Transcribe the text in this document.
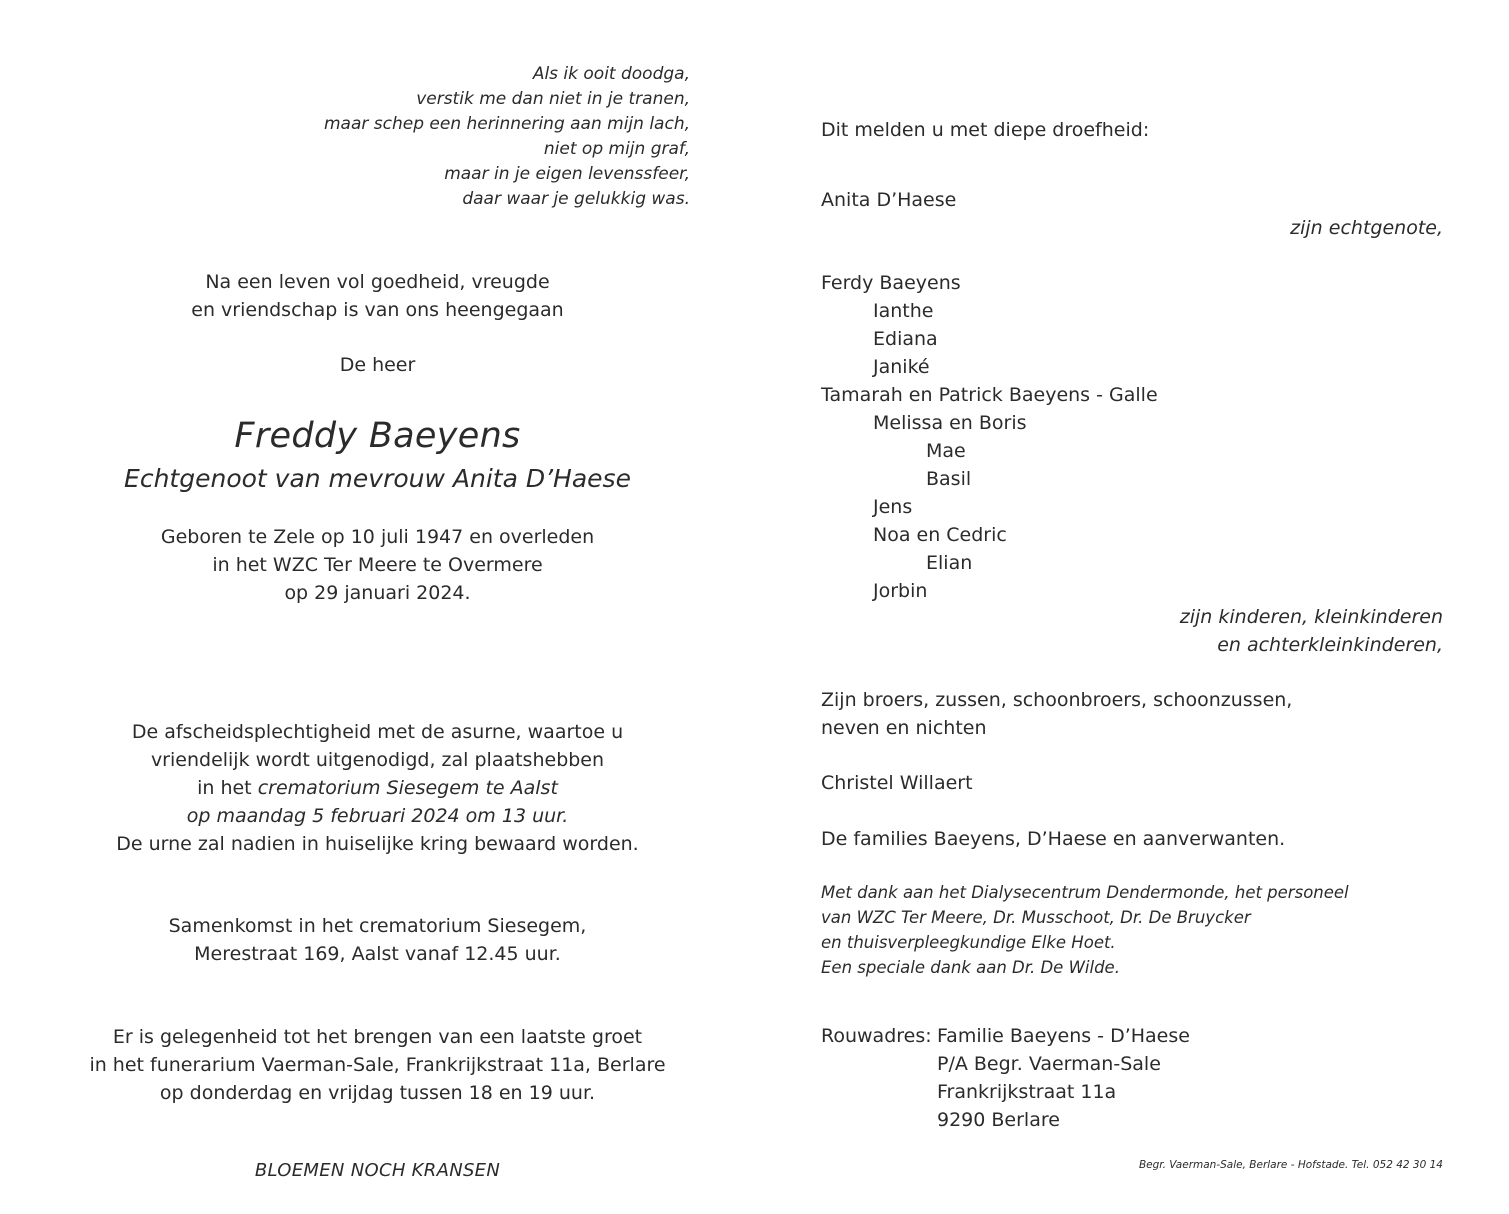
Als ik ooit doodga,
verstik me dan niet in je tranen,
maar schep een herinnering aan mijn lach,
niet op mijn graf,
maar in je eigen levenssfeer,
daar waar je gelukkig was.
Na een leven vol goedheid, vreugde
en vriendschap is van ons heengegaan
De heer
Freddy Baeyens
Echtgenoot van mevrouw Anita D’Haese
Geboren te Zele op 10 juli 1947 en overleden
in het WZC Ter Meere te Overmere
op 29 januari 2024.
De afscheidsplechtigheid met de asurne, waartoe u
vriendelijk wordt uitgenodigd, zal plaatshebben
in het crematorium Siesegem te Aalst
op maandag 5 februari 2024 om 13 uur.
De urne zal nadien in huiselijke kring bewaard worden.
Samenkomst in het crematorium Siesegem,
Merestraat 169, Aalst vanaf 12.45 uur.
Er is gelegenheid tot het brengen van een laatste groet
in het funerarium Vaerman-Sale, Frankrijkstraat 11a, Berlare
op donderdag en vrijdag tussen 18 en 19 uur.
BLOEMEN NOCH KRANSEN
Dit melden u met diepe droefheid:
Anita D’Haese
zijn echtgenote,
Ferdy Baeyens
Ianthe
Ediana
Janiké
Tamarah en Patrick Baeyens - Galle
Melissa en Boris
Mae
Basil
Jens
Noa en Cedric
Elian
Jorbin
zijn kinderen, kleinkinderen
en achterkleinkinderen,
Zijn broers, zussen, schoonbroers, schoonzussen,
neven en nichten
Christel Willaert
De families Baeyens, D’Haese en aanverwanten.
Met dank aan het Dialysecentrum Dendermonde, het personeel
van WZC Ter Meere, Dr. Musschoot, Dr. De Bruycker
en thuisverpleegkundige Elke Hoet.
Een speciale dank aan Dr. De Wilde.
Rouwadres: Familie Baeyens - D’Haese
P/A Begr. Vaerman-Sale
Frankrijkstraat 11a
9290 Berlare
Begr. Vaerman-Sale, Berlare - Hofstade. Tel. 052 42 30 14
